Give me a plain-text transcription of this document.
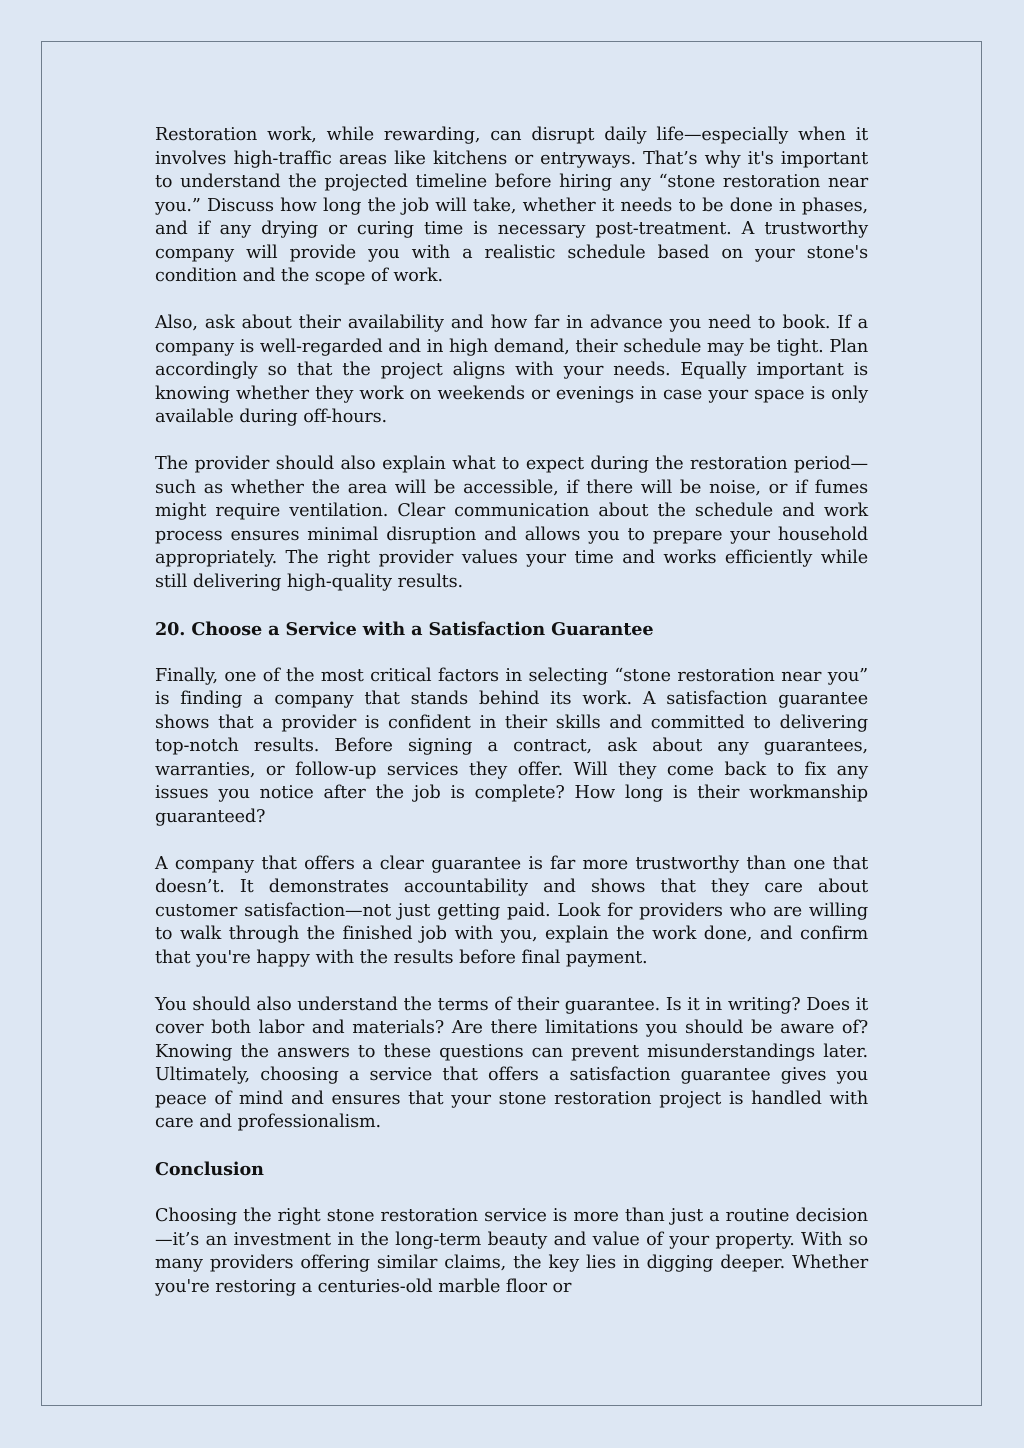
Restoration work, while rewarding, can disrupt daily life—especially when it involves high-traffic areas like kitchens or entryways. That’s why it's important to understand the projected timeline before hiring any “stone restoration near you.” Discuss how long the job will take, whether it needs to be done in phases, and if any drying or curing time is necessary post-treatment. A trustworthy company will provide you with a realistic schedule based on your stone's condition and the scope of work.

Also, ask about their availability and how far in advance you need to book. If a company is well-regarded and in high demand, their schedule may be tight. Plan accordingly so that the project aligns with your needs. Equally important is knowing whether they work on weekends or evenings in case your space is only available during off-hours.

The provider should also explain what to expect during the restoration period—such as whether the area will be accessible, if there will be noise, or if fumes might require ventilation. Clear communication about the schedule and work process ensures minimal disruption and allows you to prepare your household appropriately. The right provider values your time and works efficiently while still delivering high-quality results.

20. Choose a Service with a Satisfaction Guarantee

Finally, one of the most critical factors in selecting “stone restoration near you” is finding a company that stands behind its work. A satisfaction guarantee shows that a provider is confident in their skills and committed to delivering top-notch results. Before signing a contract, ask about any guarantees, warranties, or follow-up services they offer. Will they come back to fix any issues you notice after the job is complete? How long is their workmanship guaranteed?

A company that offers a clear guarantee is far more trustworthy than one that doesn’t. It demonstrates accountability and shows that they care about customer satisfaction—not just getting paid. Look for providers who are willing to walk through the finished job with you, explain the work done, and confirm that you're happy with the results before final payment.

You should also understand the terms of their guarantee. Is it in writing? Does it cover both labor and materials? Are there limitations you should be aware of? Knowing the answers to these questions can prevent misunderstandings later. Ultimately, choosing a service that offers a satisfaction guarantee gives you peace of mind and ensures that your stone restoration project is handled with care and professionalism.

Conclusion

Choosing the right stone restoration service is more than just a routine decision—it’s an investment in the long-term beauty and value of your property. With so many providers offering similar claims, the key lies in digging deeper. Whether you're restoring a centuries-old marble floor or
